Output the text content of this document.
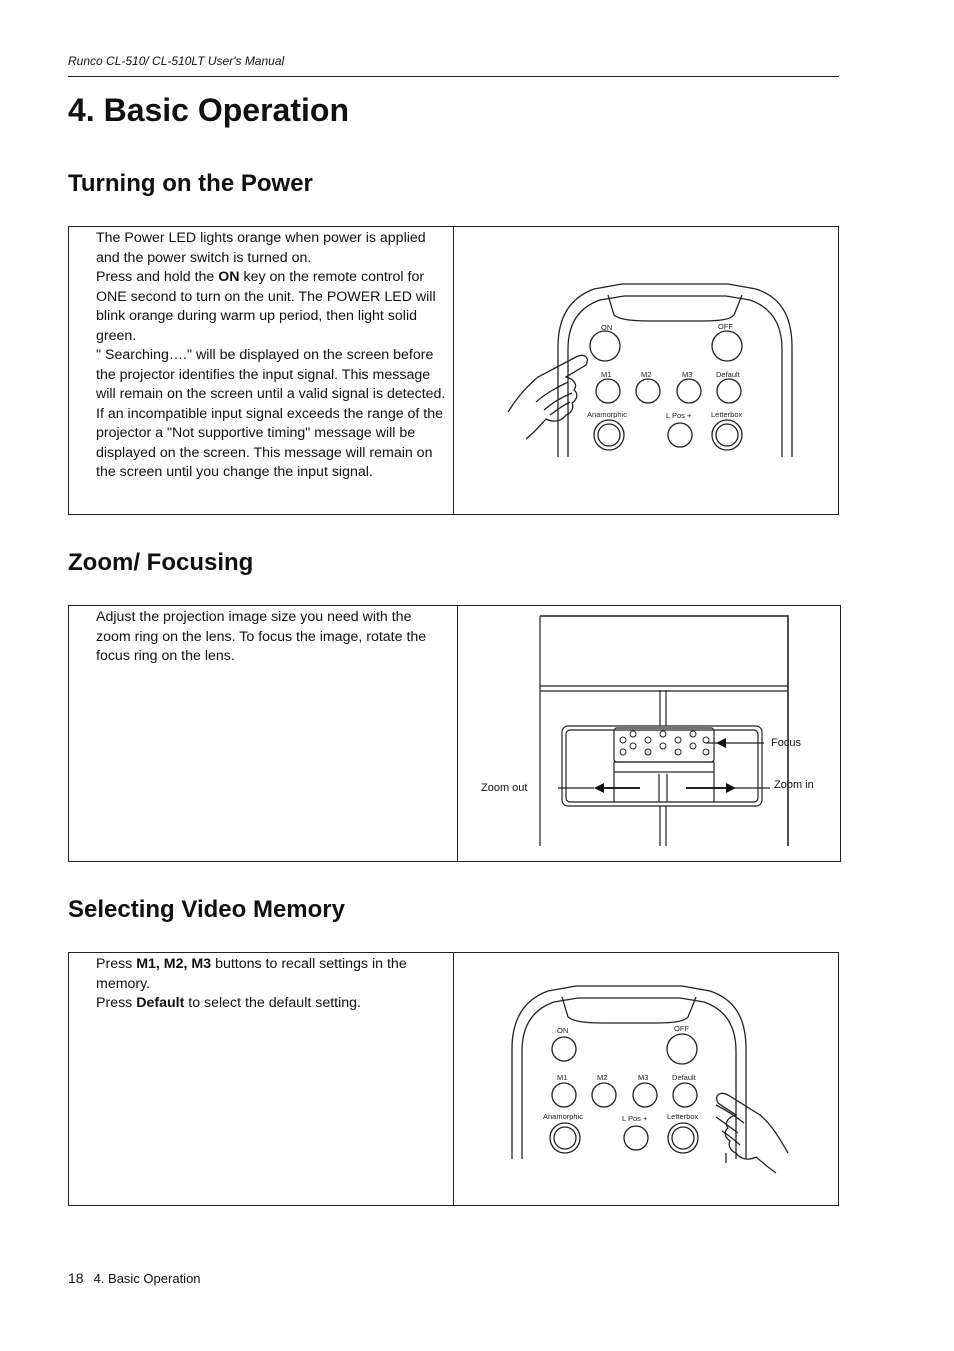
Runco CL-510/ CL-510LT User's Manual
4. Basic Operation
Turning on the Power

The Power LED lights orange when power is applied and the power switch is turned on.

Press and hold the ON key on the remote control for ONE second to turn on the unit. The POWER LED will blink orange during warm up period, then light solid green.

" Searching…." will be displayed on the screen before the projector identifies the input signal. This message will remain on the screen until a valid signal is detected.

If an incompatible input signal exceeds the range of the projector a "Not supportive timing" message will be displayed on the screen. This message will remain on the screen until you change the input signal.

ON	OFF
M1	M2	M3	Default
Anamorphic	L Pos +	Letterbox
Zoom/ Focusing

Adjust the projection image size you need with the zoom ring on the lens. To focus the image, rotate the focus ring on the lens.

Focus
Zoom out	Zoom in
Selecting Video Memory

Press M1, M2, M3 buttons to recall settings in the memory.

Press Default to select the default setting.

ON	OFF
M1	M2	M3	Default
Anamorphic	L Pos +	Letterbox
18 4. Basic Operation
